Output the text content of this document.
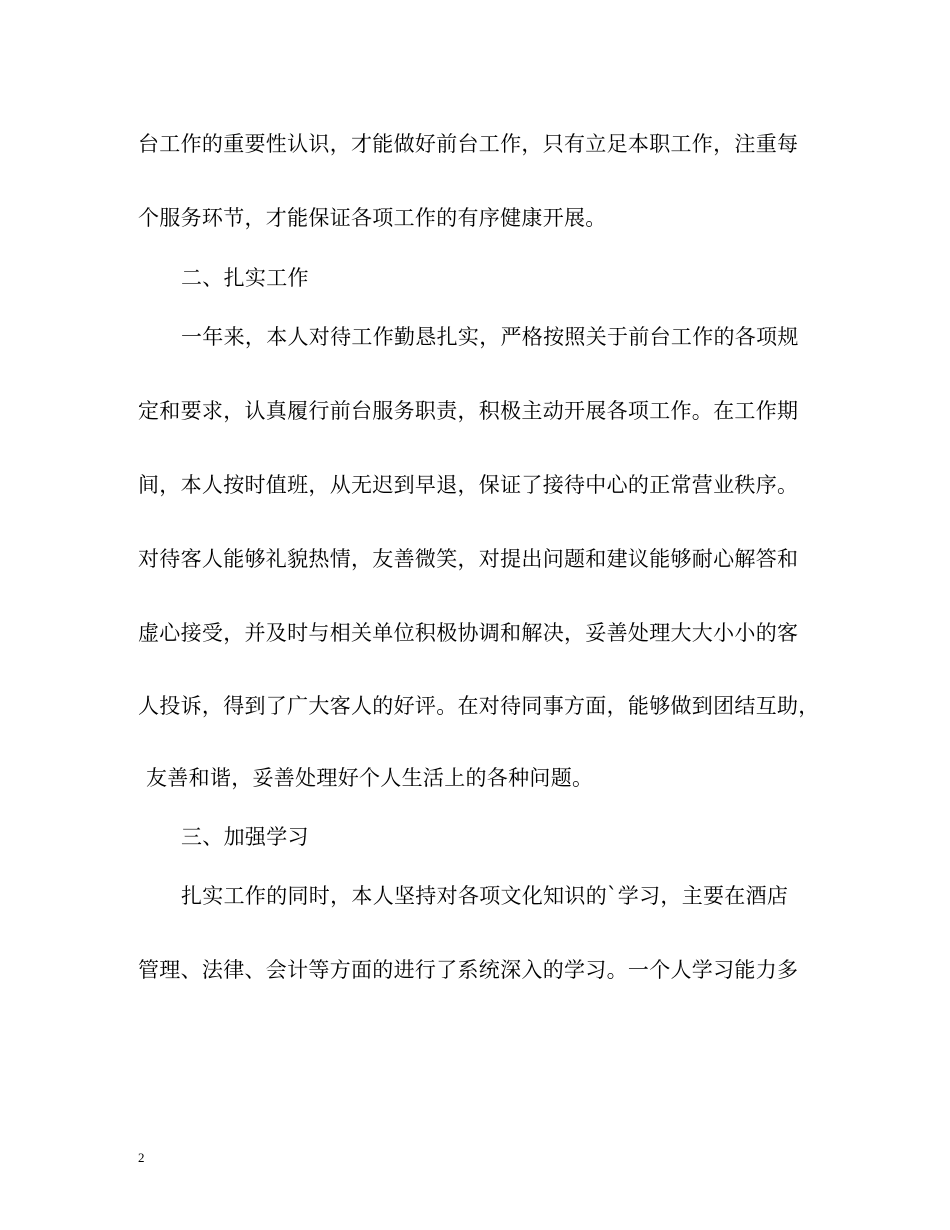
台工作的重要性认识，才能做好前台工作，只有立足本职工作，注重每
个服务环节，才能保证各项工作的有序健康开展。
二、扎实工作
一年来，本人对待工作勤恳扎实，严格按照关于前台工作的各项规
定和要求，认真履行前台服务职责，积极主动开展各项工作。在工作期
间，本人按时值班，从无迟到早退，保证了接待中心的正常营业秩序。
对待客人能够礼貌热情，友善微笑，对提出问题和建议能够耐心解答和
虚心接受，并及时与相关单位积极协调和解决，妥善处理大大小小的客
人投诉，得到了广大客人的好评。在对待同事方面，能够做到团结互助，
友善和谐，妥善处理好个人生活上的各种问题。
三、加强学习
扎实工作的同时，本人坚持对各项文化知识的`学习，主要在酒店
管理、法律、会计等方面的进行了系统深入的学习。一个人学习能力多
2
